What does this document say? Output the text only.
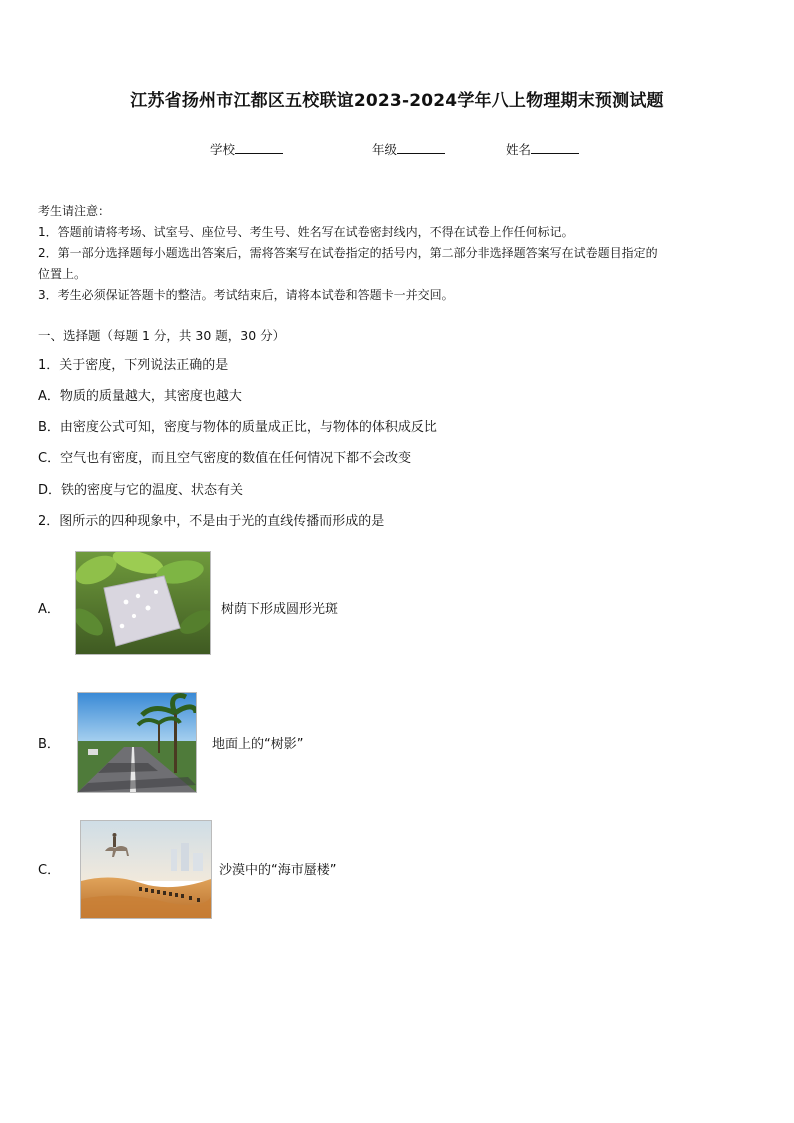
江苏省扬州市江都区五校联谊2023-2024学年八上物理期末预测试题
学校	年级	姓名
考生请注意：
1．答题前请将考场、试室号、座位号、考生号、姓名写在试卷密封线内，不得在试卷上作任何标记。
2．第一部分选择题每小题选出答案后，需将答案写在试卷指定的括号内，第二部分非选择题答案写在试卷题目指定的
位置上。
3．考生必须保证答题卡的整洁。考试结束后，请将本试卷和答题卡一并交回。
一、选择题（每题 1 分，共 30 题，30 分）
1．关于密度，下列说法正确的是
A．物质的质量越大，其密度也越大
B．由密度公式可知，密度与物体的质量成正比，与物体的体积成反比
C．空气也有密度，而且空气密度的数值在任何情况下都不会改变
D．铁的密度与它的温度、状态有关
2．图所示的四种现象中，不是由于光的直线传播而形成的是
A．	树荫下形成圆形光斑
B．	地面上的“树影”
C．	沙漠中的“海市蜃楼”
